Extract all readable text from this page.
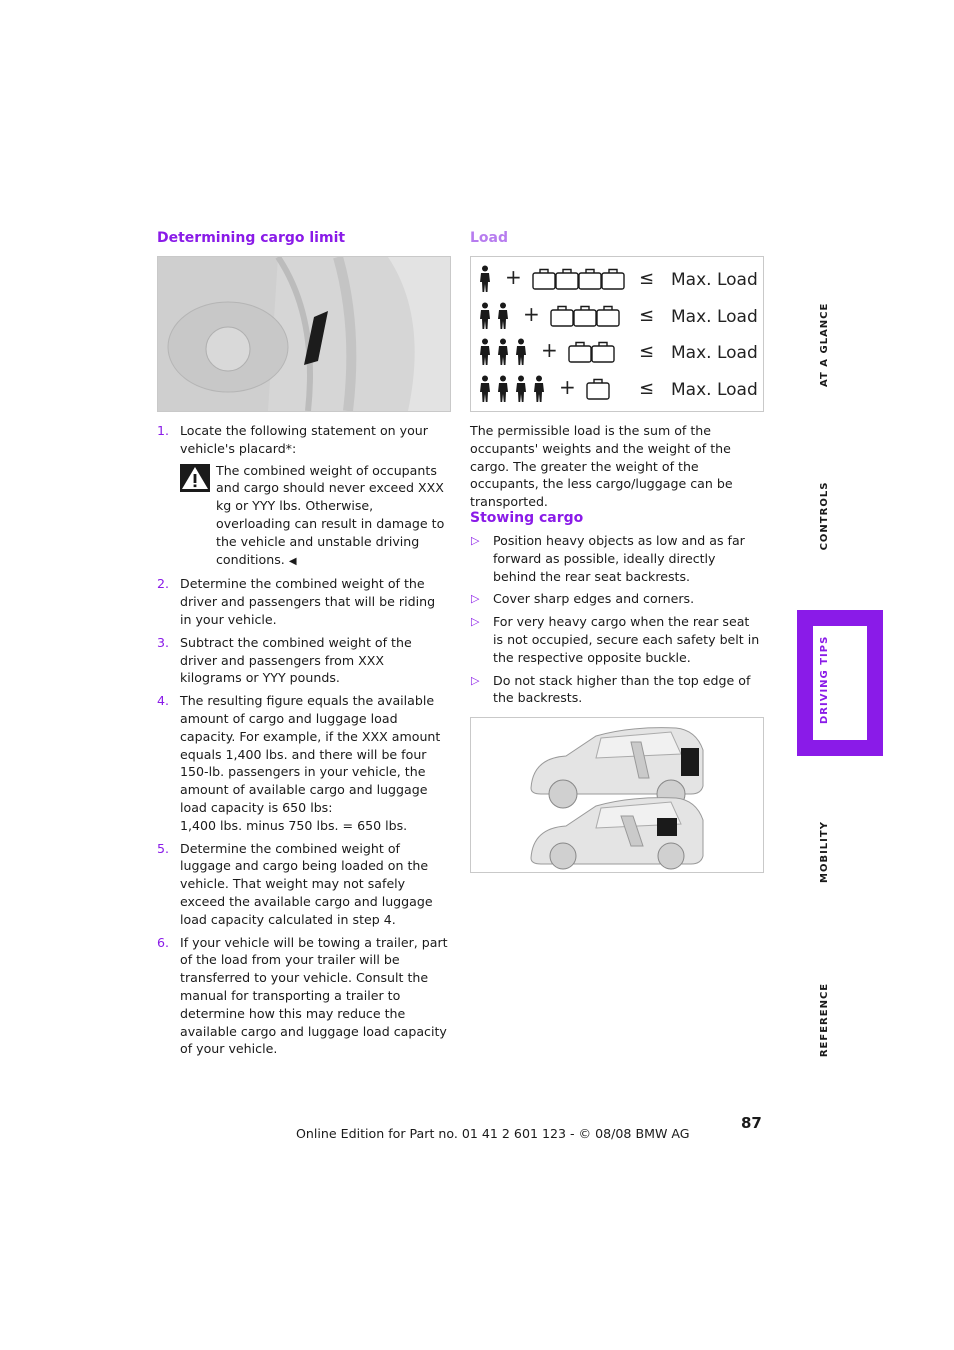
Determining cargo limit
1. Locate the following statement on your vehicle's placard*:
The combined weight of occupants and cargo should never exceed XXX kg or YYY lbs. Otherwise, overloading can result in damage to the vehicle and unstable driving conditions. ◀
2. Determine the combined weight of the driver and passengers that will be riding in your vehicle.
3. Subtract the combined weight of the driver and passengers from XXX kilograms or YYY pounds.
4. The resulting figure equals the available amount of cargo and luggage load capacity. For example, if the XXX amount equals 1,400 lbs. and there will be four 150-lb. passengers in your vehicle, the amount of available cargo and luggage load capacity is 650 lbs:
1,400 lbs. minus 750 lbs. = 650 lbs.
5. Determine the combined weight of luggage and cargo being loaded on the vehicle. That weight may not safely exceed the available cargo and luggage load capacity calculated in step 4.
6. If your vehicle will be towing a trailer, part of the load from your trailer will be transferred to your vehicle. Consult the manual for transporting a trailer to determine how this may reduce the available cargo and luggage load capacity of your vehicle.
Load
+	≤ Max. Load
+	≤ Max. Load
+	≤ Max. Load
+	≤ Max. Load
The permissible load is the sum of the occupants' weights and the weight of the cargo. The greater the weight of the occupants, the less cargo/luggage can be transported.
Stowing cargo
▷ Position heavy objects as low and as far forward as possible, ideally directly behind the rear seat backrests.
▷ Cover sharp edges and corners.
▷ For very heavy cargo when the rear seat is not occupied, secure each safety belt in the respective opposite buckle.
▷ Do not stack higher than the top edge of the backrests.
AT A GLANCE
CONTROLS
DRIVING TIPS
MOBILITY
REFERENCE
87
Online Edition for Part no. 01 41 2 601 123 - © 08/08 BMW AG
